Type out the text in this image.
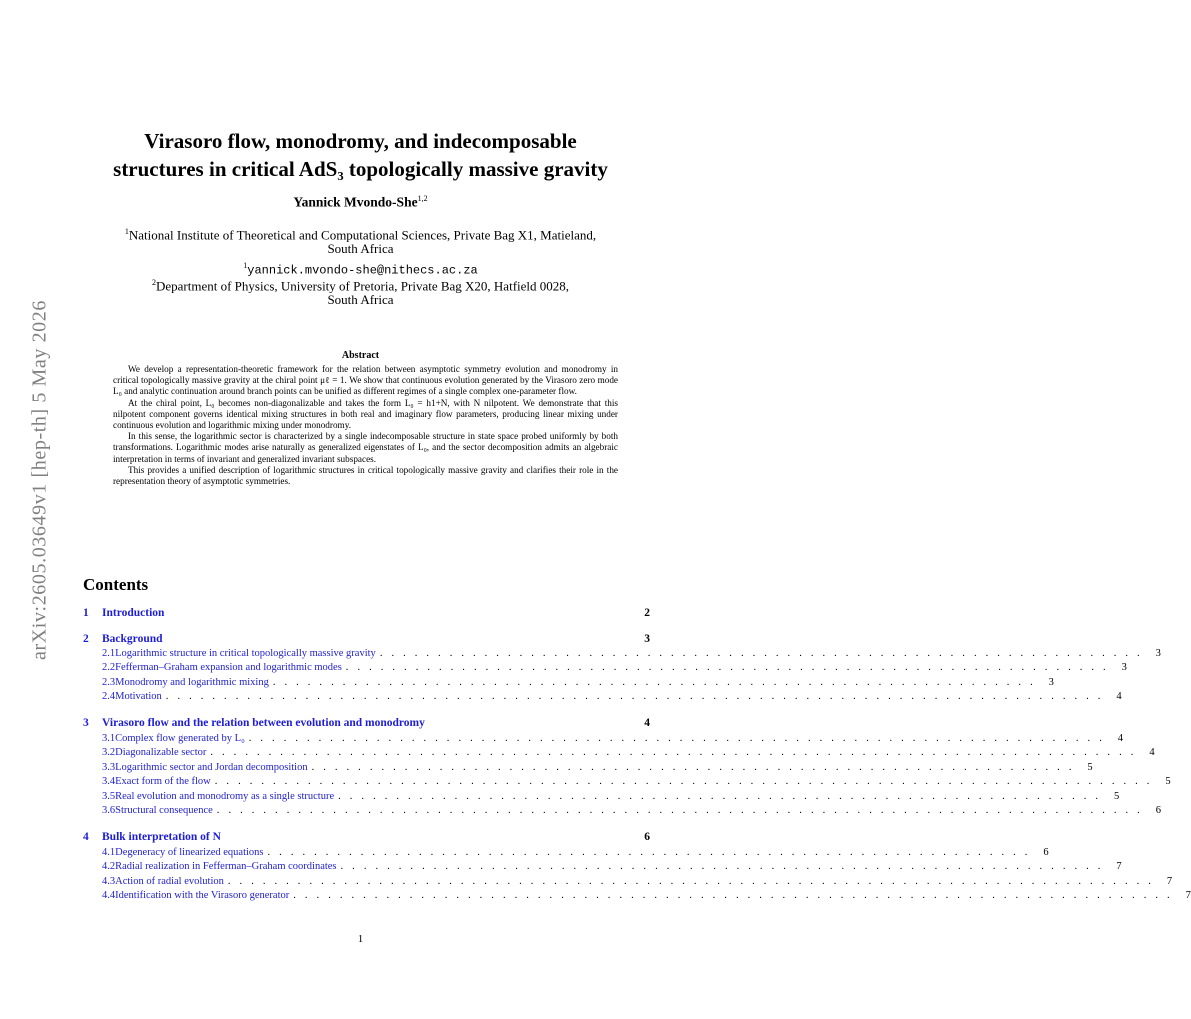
arXiv:2605.03649v1 [hep-th] 5 May 2026
Virasoro flow, monodromy, and indecomposable
structures in critical AdS₃ topologically massive gravity
Yannick Mvondo-She$^{1,2}$
$^1$National Institute of Theoretical and Computational Sciences, Private Bag X1, Matieland,
South Africa
$^1$yannick.mvondo-she@nithecs.ac.za
$^2$Department of Physics, University of Pretoria, Private Bag X20, Hatfield 0028,
South Africa
Abstract

We develop a representation-theoretic framework for the relation between asymptotic symmetry evolution and monodromy in critical topologically massive gravity at the chiral point μℓ = 1. We show that continuous evolution generated by the Virasoro zero mode L₀ and analytic continuation around branch points can be unified as different regimes of a single complex one-parameter flow.

At the chiral point, L₀ becomes non-diagonalizable and takes the form L₀ = h1+N, with N nilpotent. We demonstrate that this nilpotent component governs identical mixing structures in both real and imaginary flow parameters, producing linear mixing under continuous evolution and logarithmic mixing under monodromy.

In this sense, the logarithmic sector is characterized by a single indecomposable structure in state space probed uniformly by both transformations. Logarithmic modes arise naturally as generalized eigenstates of L₀, and the sector decomposition admits an algebraic interpretation in terms of invariant and generalized invariant subspaces.

This provides a unified description of logarithmic structures in critical topologically massive gravity and clarifies their role in the representation theory of asymptotic symmetries.

Contents
1	Introduction	2
2	Background	3
2.1 Logarithmic structure in critical topologically massive gravity . . . . . . . . . . . . . . . . . . . . . . . . . . . . . . . . . . . . . . . . . . . . . . . . . . . . . . . . . . . . . . . . . .	3
2.2 Fefferman–Graham expansion and logarithmic modes . . . . . . . . . . . . . . . . . . . . . . . . . . . . . . . . . . . . . . . . . . . . . . . . . . . . . . . . . . . . . . . . . .	3
2.3 Monodromy and logarithmic mixing . . . . . . . . . . . . . . . . . . . . . . . . . . . . . . . . . . . . . . . . . . . . . . . . . . . . . . . . . . . . . . . . . .	3
2.4 Motivation . . . . . . . . . . . . . . . . . . . . . . . . . . . . . . . . . . . . . . . . . . . . . . . . . . . . . . . . . . . . . . . . . . . . . . . . . . . . . . . . .	4
3	Virasoro flow and the relation between evolution and monodromy	4
3.1 Complex flow generated by L₀ . . . . . . . . . . . . . . . . . . . . . . . . . . . . . . . . . . . . . . . . . . . . . . . . . . . . . . . . . . . . . . . . . . . . . . . . . .	4
3.2 Diagonalizable sector . . . . . . . . . . . . . . . . . . . . . . . . . . . . . . . . . . . . . . . . . . . . . . . . . . . . . . . . . . . . . . . . . . . . . . . . . . . . . . . .	4
3.3 Logarithmic sector and Jordan decomposition . . . . . . . . . . . . . . . . . . . . . . . . . . . . . . . . . . . . . . . . . . . . . . . . . . . . . . . . . . . . . . . . . .	5
3.4 Exact form of the flow . . . . . . . . . . . . . . . . . . . . . . . . . . . . . . . . . . . . . . . . . . . . . . . . . . . . . . . . . . . . . . . . . . . . . . . . . . . . . . . . .	5
3.5 Real evolution and monodromy as a single structure . . . . . . . . . . . . . . . . . . . . . . . . . . . . . . . . . . . . . . . . . . . . . . . . . . . . . . . . . . . . . . . . . .	5
3.6 Structural consequence . . . . . . . . . . . . . . . . . . . . . . . . . . . . . . . . . . . . . . . . . . . . . . . . . . . . . . . . . . . . . . . . . . . . . . . . . . . . . . . .	6
4	Bulk interpretation of N	6
4.1 Degeneracy of linearized equations . . . . . . . . . . . . . . . . . . . . . . . . . . . . . . . . . . . . . . . . . . . . . . . . . . . . . . . . . . . . . . . . . .	6
4.2 Radial realization in Fefferman–Graham coordinates . . . . . . . . . . . . . . . . . . . . . . . . . . . . . . . . . . . . . . . . . . . . . . . . . . . . . . . . . . . . . . . . . .	7
4.3 Action of radial evolution . . . . . . . . . . . . . . . . . . . . . . . . . . . . . . . . . . . . . . . . . . . . . . . . . . . . . . . . . . . . . . . . . . . . . . . . . . . . . . . .	7
4.4 Identification with the Virasoro generator . . . . . . . . . . . . . . . . . . . . . . . . . . . . . . . . . . . . . . . . . . . . . . . . . . . . . . . . . . . . . . . . . . . . . . . . . . . .	7
1
